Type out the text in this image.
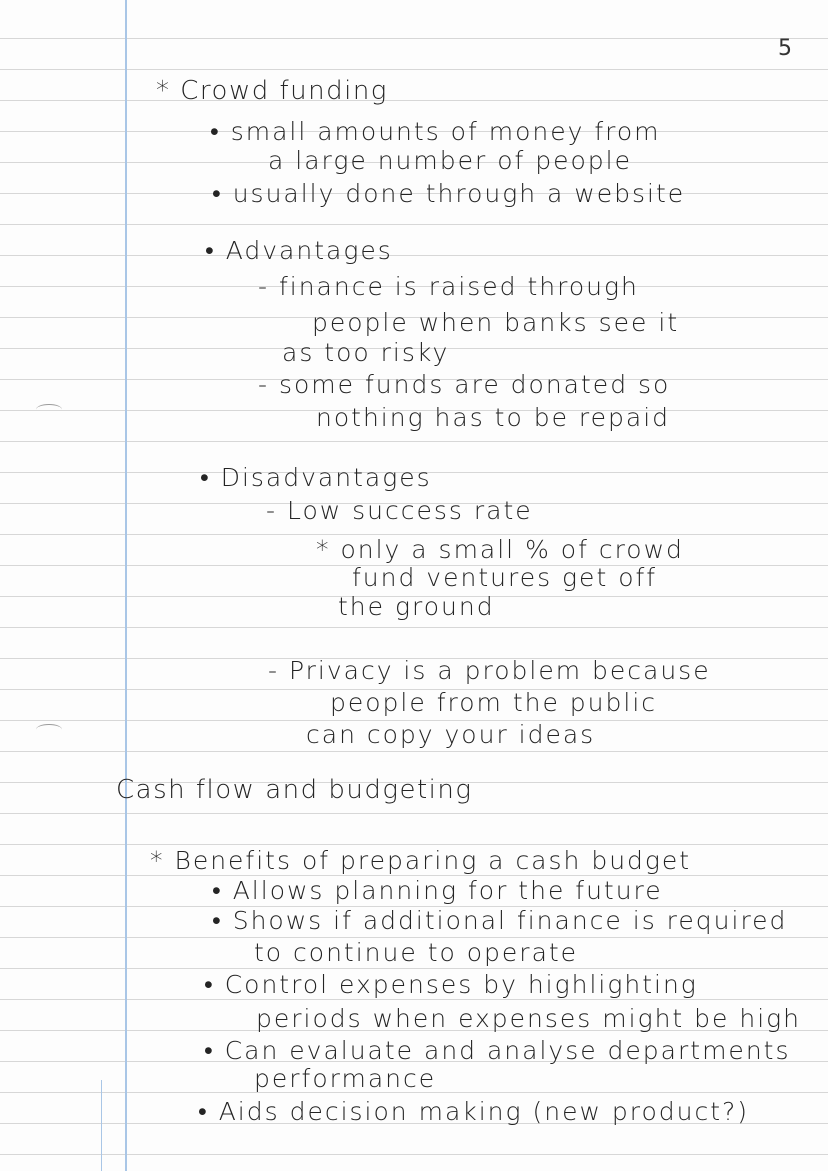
5
* Crowd funding
• small amounts of money from
a large number of people
• usually done through a website
• Advantages
- finance is raised through
people when banks see it
as too risky
- some funds are donated so
nothing has to be repaid
• Disadvantages
- Low success rate
* only a small % of crowd
fund ventures get off
the ground
- Privacy is a problem because
people from the public
can copy your ideas
Cash flow and budgeting
* Benefits of preparing a cash budget
• Allows planning for the future
• Shows if additional finance is required
to continue to operate
• Control expenses by highlighting
periods when expenses might be high
• Can evaluate and analyse departments
performance
• Aids decision making (new product?)
